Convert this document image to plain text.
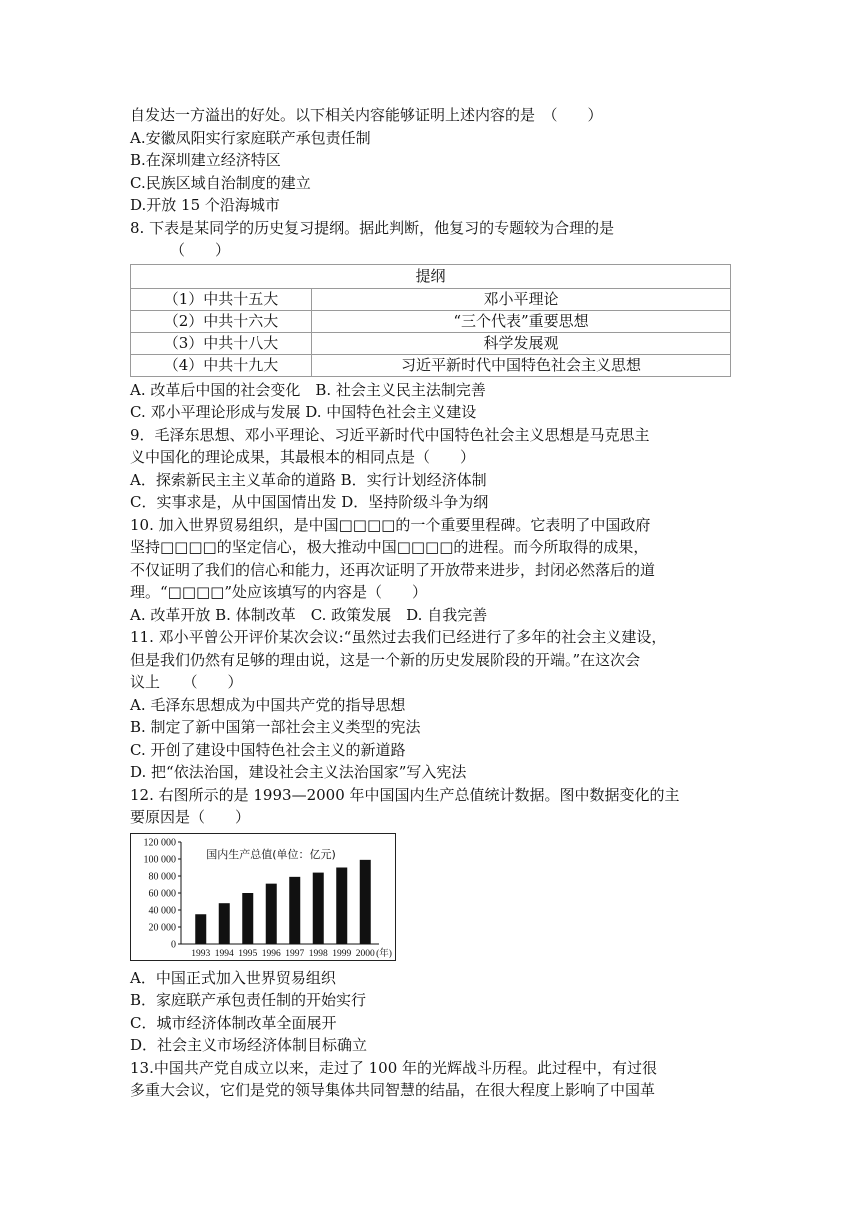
自发达一方溢出的好处。以下相关内容能够证明上述内容的是　（　　）
A.安徽凤阳实行家庭联产承包责任制
B.在深圳建立经济特区
C.民族区域自治制度的建立
D.开放 15 个沿海城市
8. 下表是某同学的历史复习提纲。据此判断，他复习的专题较为合理的是
（　　）
提纲	
（1）中共十五大	邓小平理论
（2）中共十六大	“三个代表”重要思想
（3）中共十八大	科学发展观
（4）中共十九大	习近平新时代中国特色社会主义思想
A. 改革后中国的社会变化　B. 社会主义民主法制完善
C. 邓小平理论形成与发展 D. 中国特色社会主义建设
9．毛泽东思想、邓小平理论、习近平新时代中国特色社会主义思想是马克思主
义中国化的理论成果，其最根本的相同点是（　　）
A．探索新民主主义革命的道路 B．实行计划经济体制
C．实事求是，从中国国情出发 D．坚持阶级斗争为纲
10. 加入世界贸易组织，是中国□□□□的一个重要里程碑。它表明了中国政府
坚持□□□□的坚定信心，极大推动中国□□□□的进程。而今所取得的成果，
不仅证明了我们的信心和能力，还再次证明了开放带来进步，封闭必然落后的道
理。“□□□□”处应该填写的内容是（　　）
A. 改革开放 B. 体制改革　C. 政策发展　D. 自我完善
11. 邓小平曾公开评价某次会议:“虽然过去我们已经进行了多年的社会主义建设，
但是我们仍然有足够的理由说，这是一个新的历史发展阶段的开端。”在这次会
议上　　（　　）
A. 毛泽东思想成为中国共产党的指导思想
B. 制定了新中国第一部社会主义类型的宪法
C. 开创了建设中国特色社会主义的新道路
D. 把“依法治国，建设社会主义法治国家”写入宪法
12. 右图所示的是 1993—2000 年中国国内生产总值统计数据。图中数据变化的主
要原因是（　　）
0
20 000
40 000
60 000
80 000
100 000
120 000
1993 1994 1995 1996 1997 1998 1999 2000 (年)
国内生产总值(单位：亿元)
A．中国正式加入世界贸易组织
B．家庭联产承包责任制的开始实行
C．城市经济体制改革全面展开
D．社会主义市场经济体制目标确立
13.中国共产党自成立以来，走过了 100 年的光辉战斗历程。此过程中，有过很
多重大会议，它们是党的领导集体共同智慧的结晶，在很大程度上影响了中国革
